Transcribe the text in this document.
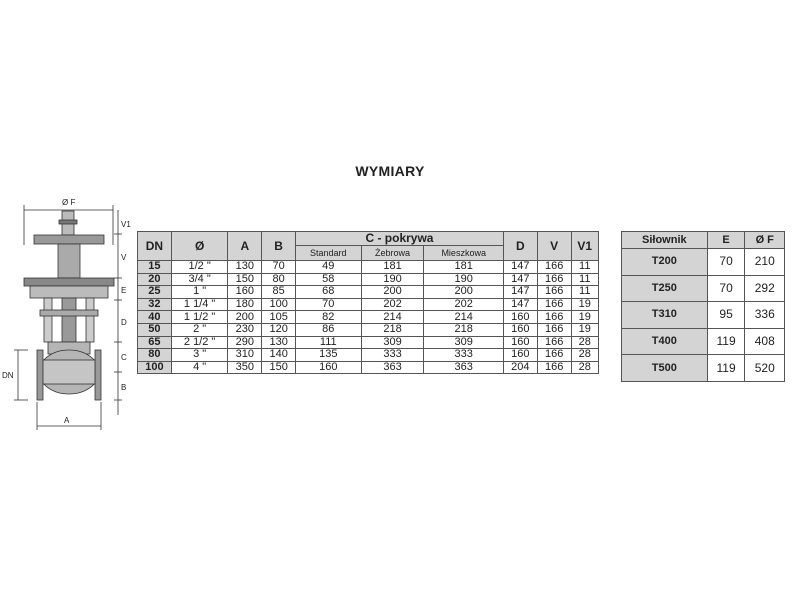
WYMIARY
Ø F
V1
V
E
D
C
B
DN
A
DN	Ø	A	B	C - pokrywa			D	V	V1
				Standard	Żebrowa	Mieszkowa			
15	1/2 "	130	70	49	181	181	147	166	11
20	3/4 "	150	80	58	190	190	147	166	11
25	1 "	160	85	68	200	200	147	166	11
32	1 1/4 "	180	100	70	202	202	147	166	19
40	1 1/2 "	200	105	82	214	214	160	166	19
50	2 "	230	120	86	218	218	160	166	19
65	2 1/2 "	290	130	111	309	309	160	166	28
80	3 "	310	140	135	333	333	160	166	28
100	4 "	350	150	160	363	363	204	166	28
Siłownik	E	Ø F
T200	70	210
T250	70	292
T310	95	336
T400	119	408
T500	119	520
